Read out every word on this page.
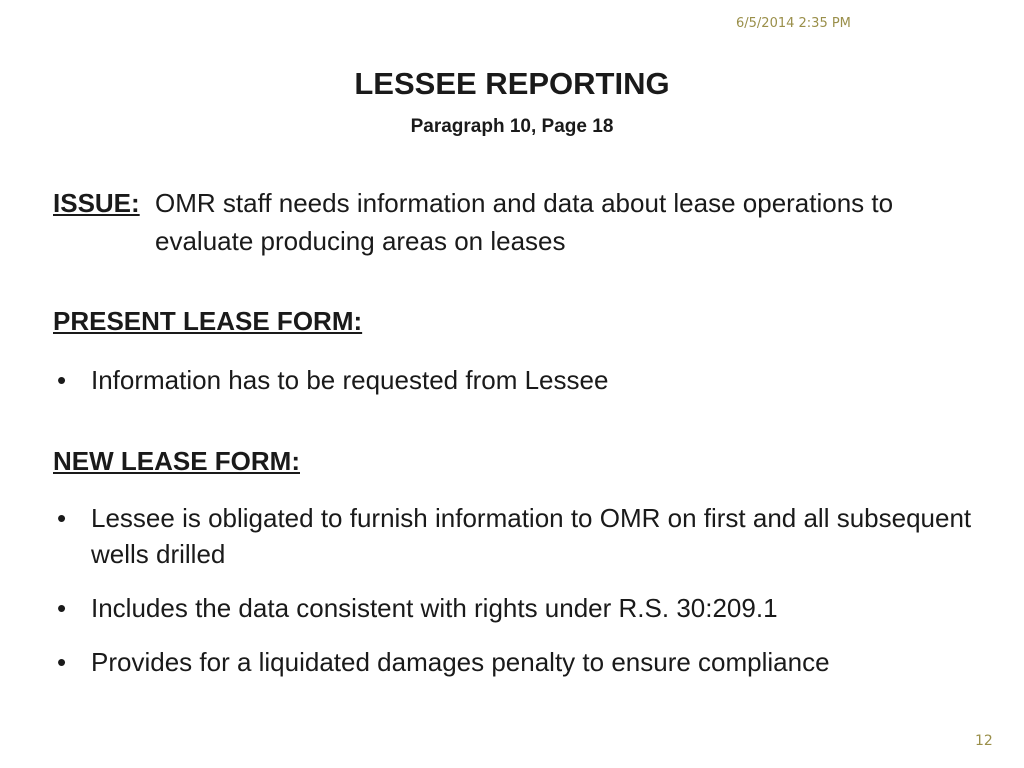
6/5/2014 2:35 PM
LESSEE REPORTING
Paragraph 10, Page 18
ISSUE: OMR staff needs information and data about lease operations to evaluate producing areas on leases
PRESENT LEASE FORM:
• Information has to be requested from Lessee
NEW LEASE FORM:
• Lessee is obligated to furnish information to OMR on first and all subsequent wells drilled
• Includes the data consistent with rights under R.S. 30:209.1
• Provides for a liquidated damages penalty to ensure compliance
12
